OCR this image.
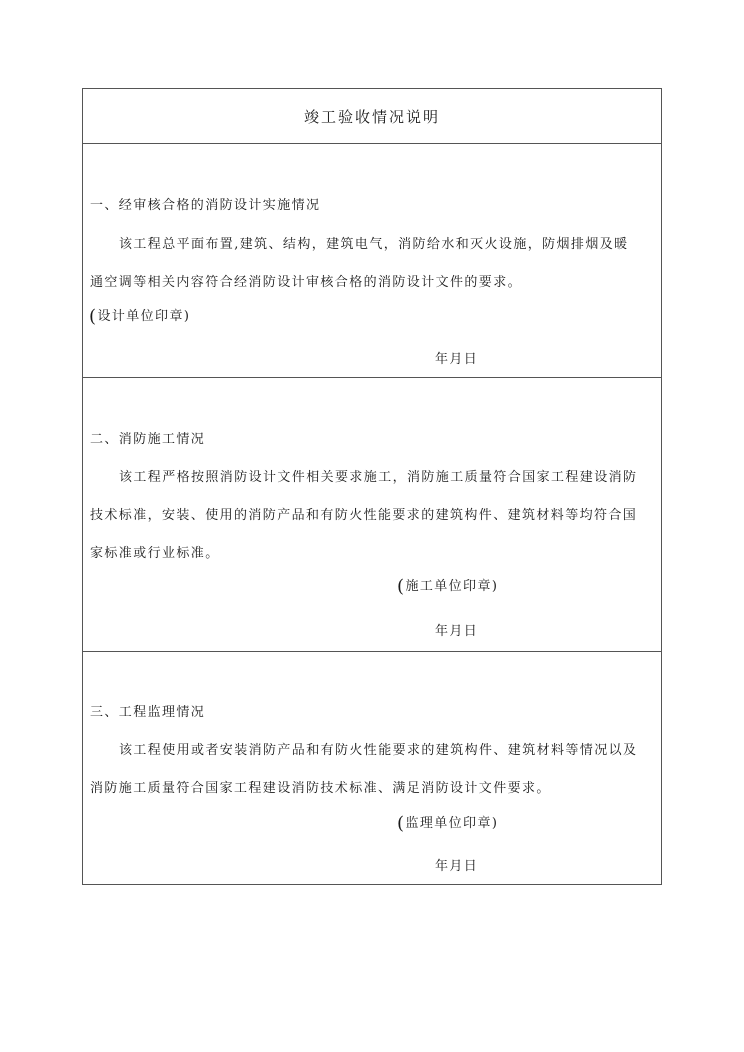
竣工验收情况说明
一、经审核合格的消防设计实施情况
该工程总平面布置,建筑、结构，建筑电气，消防给水和灭火设施，防烟排烟及暖
通空调等相关内容符合经消防设计审核合格的消防设计文件的要求。
(设计单位印章)
年月日
二、消防施工情况
该工程严格按照消防设计文件相关要求施工，消防施工质量符合国家工程建设消防
技术标准，安装、使用的消防产品和有防火性能要求的建筑构件、建筑材料等均符合国
家标准或行业标准。
(施工单位印章)
年月日
三、工程监理情况
该工程使用或者安装消防产品和有防火性能要求的建筑构件、建筑材料等情况以及
消防施工质量符合国家工程建设消防技术标准、满足消防设计文件要求。
(监理单位印章)
年月日
